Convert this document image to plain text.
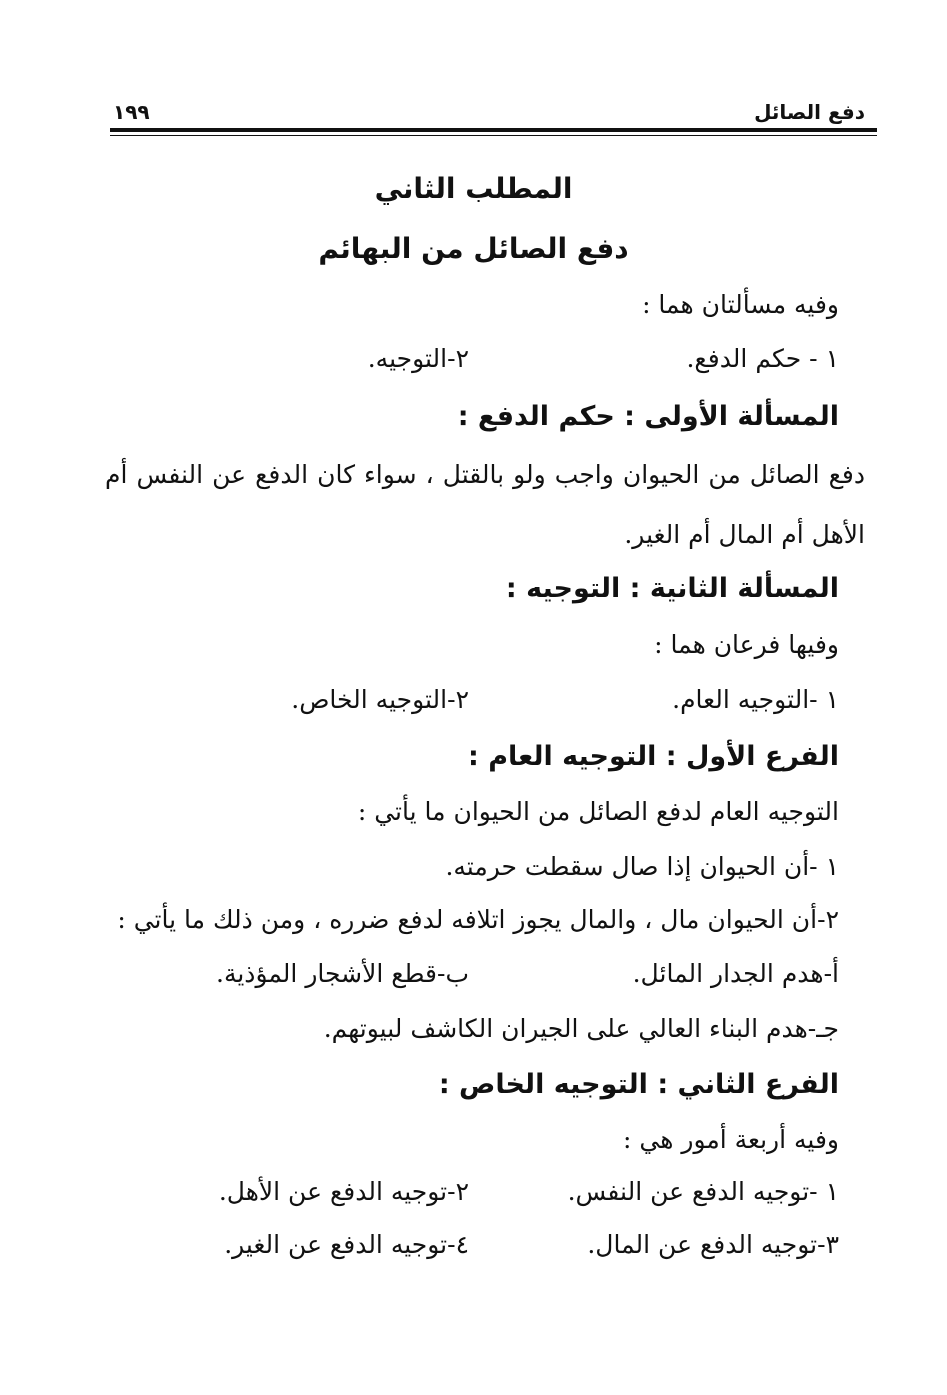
دفع الصائل
١٩٩
المطلب الثاني
دفع الصائل من البهائم
وفيه مسألتان هما :
١ - حكم الدفع.
٢-التوجيه.
المسألة الأولى : حكم الدفع :
دفع الصائل من الحيوان واجب ولو بالقتل ، سواء كان الدفع عن النفس أم الأهل أم المال أم الغير.
المسألة الثانية : التوجيه :
وفيها فرعان هما :
١ -التوجيه العام.
٢-التوجيه الخاص.
الفرع الأول : التوجيه العام :
التوجيه العام لدفع الصائل من الحيوان ما يأتي :
١ -أن الحيوان إذا صال سقطت حرمته.
٢-أن الحيوان مال ، والمال يجوز اتلافه لدفع ضرره ، ومن ذلك ما يأتي :
أ-هدم الجدار المائل.
ب-قطع الأشجار المؤذية.
جـ-هدم البناء العالي على الجيران الكاشف لبيوتهم.
الفرع الثاني : التوجيه الخاص :
وفيه أربعة أمور هي :
١ -توجيه الدفع عن النفس.
٢-توجيه الدفع عن الأهل.
٣-توجيه الدفع عن المال.
٤-توجيه الدفع عن الغير.
